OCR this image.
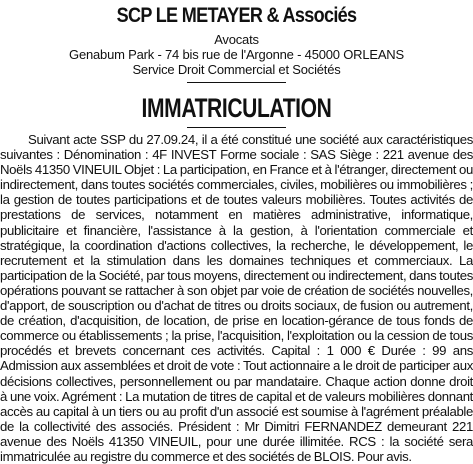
SCP LE METAYER & Associés
Avocats
Genabum Park - 74 bis rue de l'Argonne - 45000 ORLEANS
Service Droit Commercial et Sociétés
IMMATRICULATION

Suivant acte SSP du 27.09.24, il a été constitué une société aux caractéristiques suivantes : Dénomination : 4F INVEST Forme sociale : SAS Siège : 221 avenue des Noëls 41350 VINEUIL Objet : La participation, en France et à l'étranger, directement ou indirectement, dans toutes sociétés commerciales, civiles, mobilières ou immobilières ; la gestion de toutes participations et de toutes valeurs mobilières. Toutes activités de prestations de services, notamment en matières administrative, informatique, publicitaire et financière, l'assistance à la gestion, à l'orientation commerciale et stratégique, la coordination d'actions collectives, la recherche, le développement, le recrutement et la stimulation dans les domaines techniques et commerciaux. La participation de la Société, par tous moyens, directement ou indirectement, dans toutes opérations pouvant se rattacher à son objet par voie de création de sociétés nouvelles, d'apport, de souscription ou d'achat de titres ou droits sociaux, de fusion ou autrement, de création, d'acquisition, de location, de prise en location-gérance de tous fonds de commerce ou établissements ; la prise, l'acquisition, l'exploitation ou la cession de tous procédés et brevets concernant ces activités. Capital : 1 000 € Durée : 99 ans Admission aux assemblées et droit de vote : Tout actionnaire a le droit de participer aux décisions collectives, personnellement ou par mandataire. Chaque action donne droit à une voix. Agrément : La mutation de titres de capital et de valeurs mobilières donnant accès au capital à un tiers ou au profit d'un associé est soumise à l'agrément préalable de la collectivité des associés. Président : Mr Dimitri FERNANDEZ demeurant 221 avenue des Noëls 41350 VINEUIL, pour une durée illimitée. RCS : la société sera immatriculée au registre du commerce et des sociétés de BLOIS. Pour avis.
